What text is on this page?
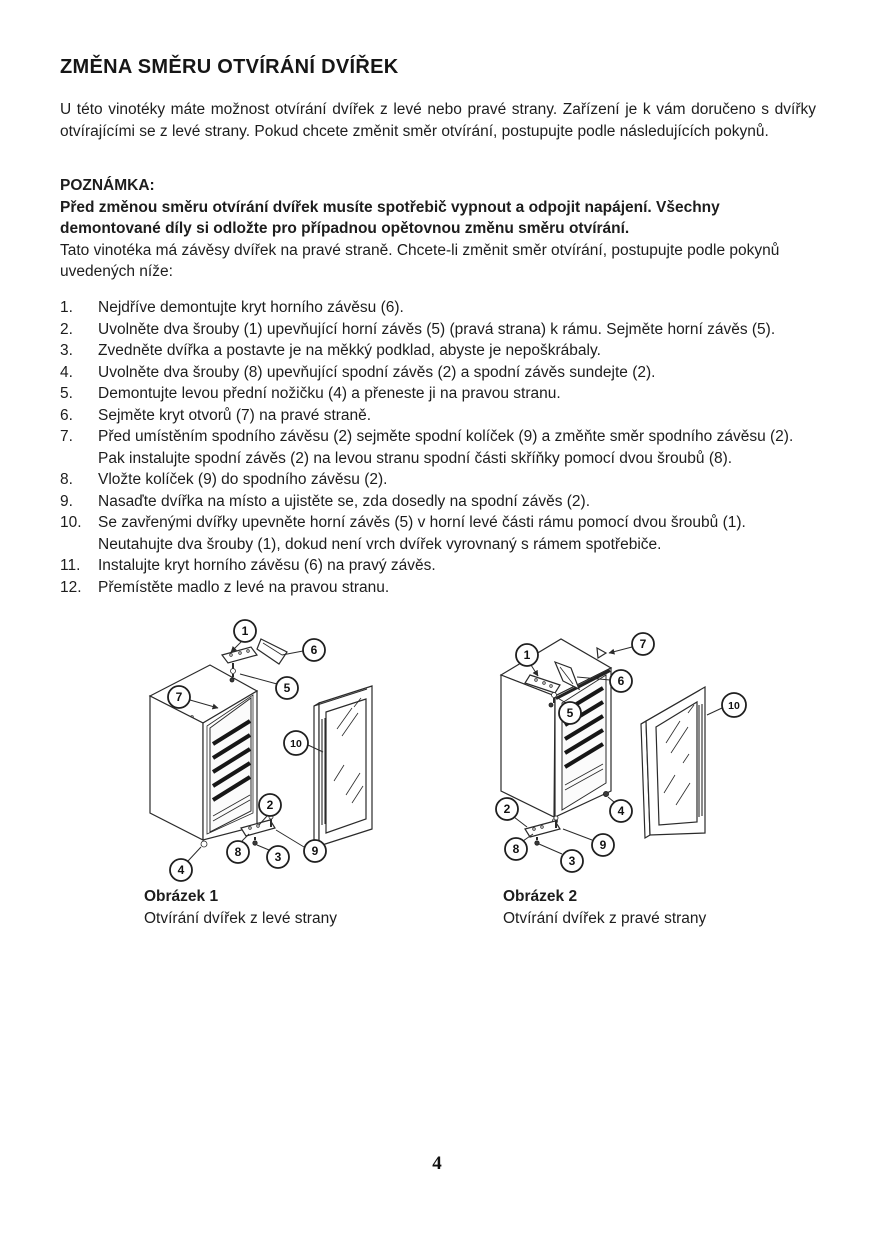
ZMĚNA SMĚRU OTVÍRÁNÍ DVÍŘEK

U této vinotéky máte možnost otvírání dvířek z levé nebo pravé strany. Zařízení je k vám doručeno s dvířky otvírajícími se z levé strany. Pokud chcete změnit směr otvírání, postupujte podle následujících pokynů.

POZNÁMKA:
Před změnou směru otvírání dvířek musíte spotřebič vypnout a odpojit napájení. Všechny demontované díly si odložte pro případnou opětovnou změnu směru otvírání.
Tato vinotéka má závěsy dvířek na pravé straně. Chcete-li změnit směr otvírání, postupujte podle pokynů uvedených níže:
1.	Nejdříve demontujte kryt horního závěsu (6).
2.	Uvolněte dva šrouby (1) upevňující horní závěs (5) (pravá strana) k rámu. Sejměte horní závěs (5).
3.	Zvedněte dvířka a postavte je na měkký podklad, abyste je nepoškrábaly.
4.	Uvolněte dva šrouby (8) upevňující spodní závěs (2) a spodní závěs sundejte (2).
5.	Demontujte levou přední nožičku (4) a přeneste ji na pravou stranu.
6.	Sejměte kryt otvorů (7) na pravé straně.
7.	Před umístěním spodního závěsu (2) sejměte spodní kolíček (9) a změňte směr spodního závěsu (2). Pak instalujte spodní závěs (2) na levou stranu spodní části skříňky pomocí dvou šroubů (8).
8.	Vložte kolíček (9) do spodního závěsu (2).
9.	Nasaďte dvířka na místo a ujistěte se, zda dosedly na spodní závěs (2).
10.	Se zavřenými dvířky upevněte horní závěs (5) v horní levé části rámu pomocí dvou šroubů (1). Neutahujte dva šrouby (1), dokud není vrch dvířek vyrovnaný s rámem spotřebiče.
11.	Instalujte kryt horního závěsu (6) na pravý závěs.
12.	Přemístěte madlo z levé na pravou stranu.
1
6
5
7
10
2
8	3	9
4
1
7
6
5	10
2
8
3
9
4
Obrázek 1
Otvírání dvířek z levé strany
Obrázek 2
Otvírání dvířek z pravé strany
4
